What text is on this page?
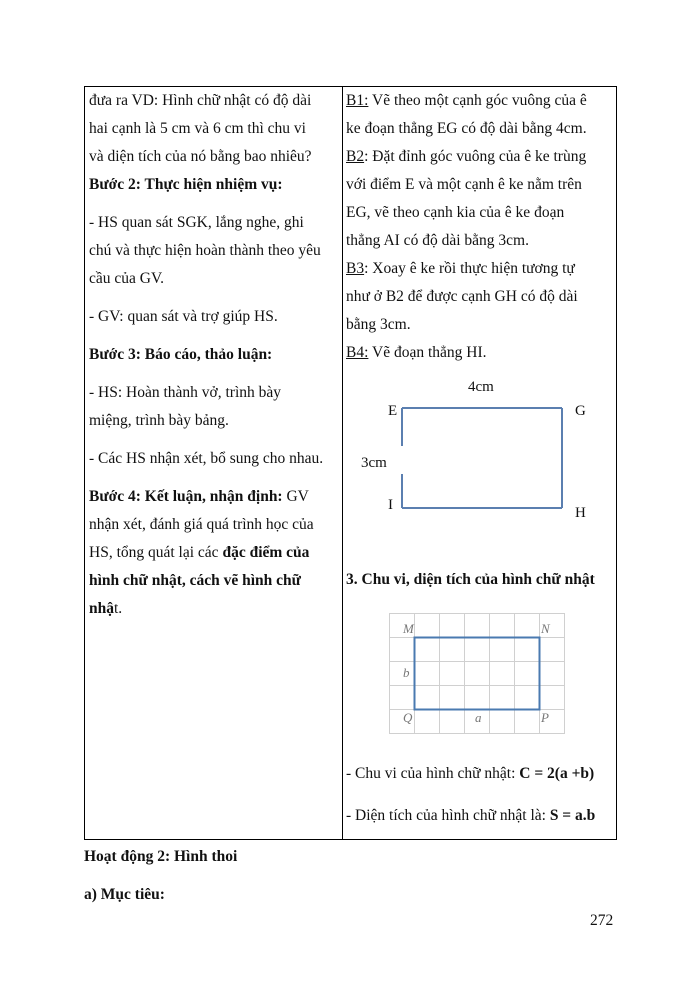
đưa ra VD: Hình chữ nhật có độ dài

hai cạnh là 5 cm và 6 cm thì chu vi

và diện tích của nó bằng bao nhiêu?

Bước 2: Thực hiện nhiệm vụ:

- HS quan sát SGK, lắng nghe, ghi

chú và thực hiện hoàn thành theo yêu

cầu của GV.

- GV: quan sát và trợ giúp HS.

Bước 3: Báo cáo, thảo luận:

- HS: Hoàn thành vở, trình bày

miệng, trình bày bảng.

- Các HS nhận xét, bổ sung cho nhau.

Bước 4: Kết luận, nhận định: GV

nhận xét, đánh giá quá trình học của

HS, tổng quát lại các đặc điểm của

hình chữ nhật, cách vẽ hình chữ

nhật.

B1: Vẽ theo một cạnh góc vuông của ê

ke đoạn thẳng EG có độ dài bằng 4cm.

B2: Đặt đỉnh góc vuông của ê ke trùng

với điểm E và một cạnh ê ke nằm trên

EG, vẽ theo cạnh kia của ê ke đoạn

thẳng AI có độ dài bằng 3cm.

B3: Xoay ê ke rồi thực hiện tương tự

như ở B2 để được cạnh GH có độ dài

bằng 3cm.

B4: Vẽ đoạn thẳng HI.

4cm
E	G
3cm
I	H
3. Chu vi, diện tích của hình chữ nhật
M	N
b
Q	a	P
- Chu vi của hình chữ nhật: C = 2(a +b)
- Diện tích của hình chữ nhật là: S = a.b
Hoạt động 2: Hình thoi
a) Mục tiêu:
272
